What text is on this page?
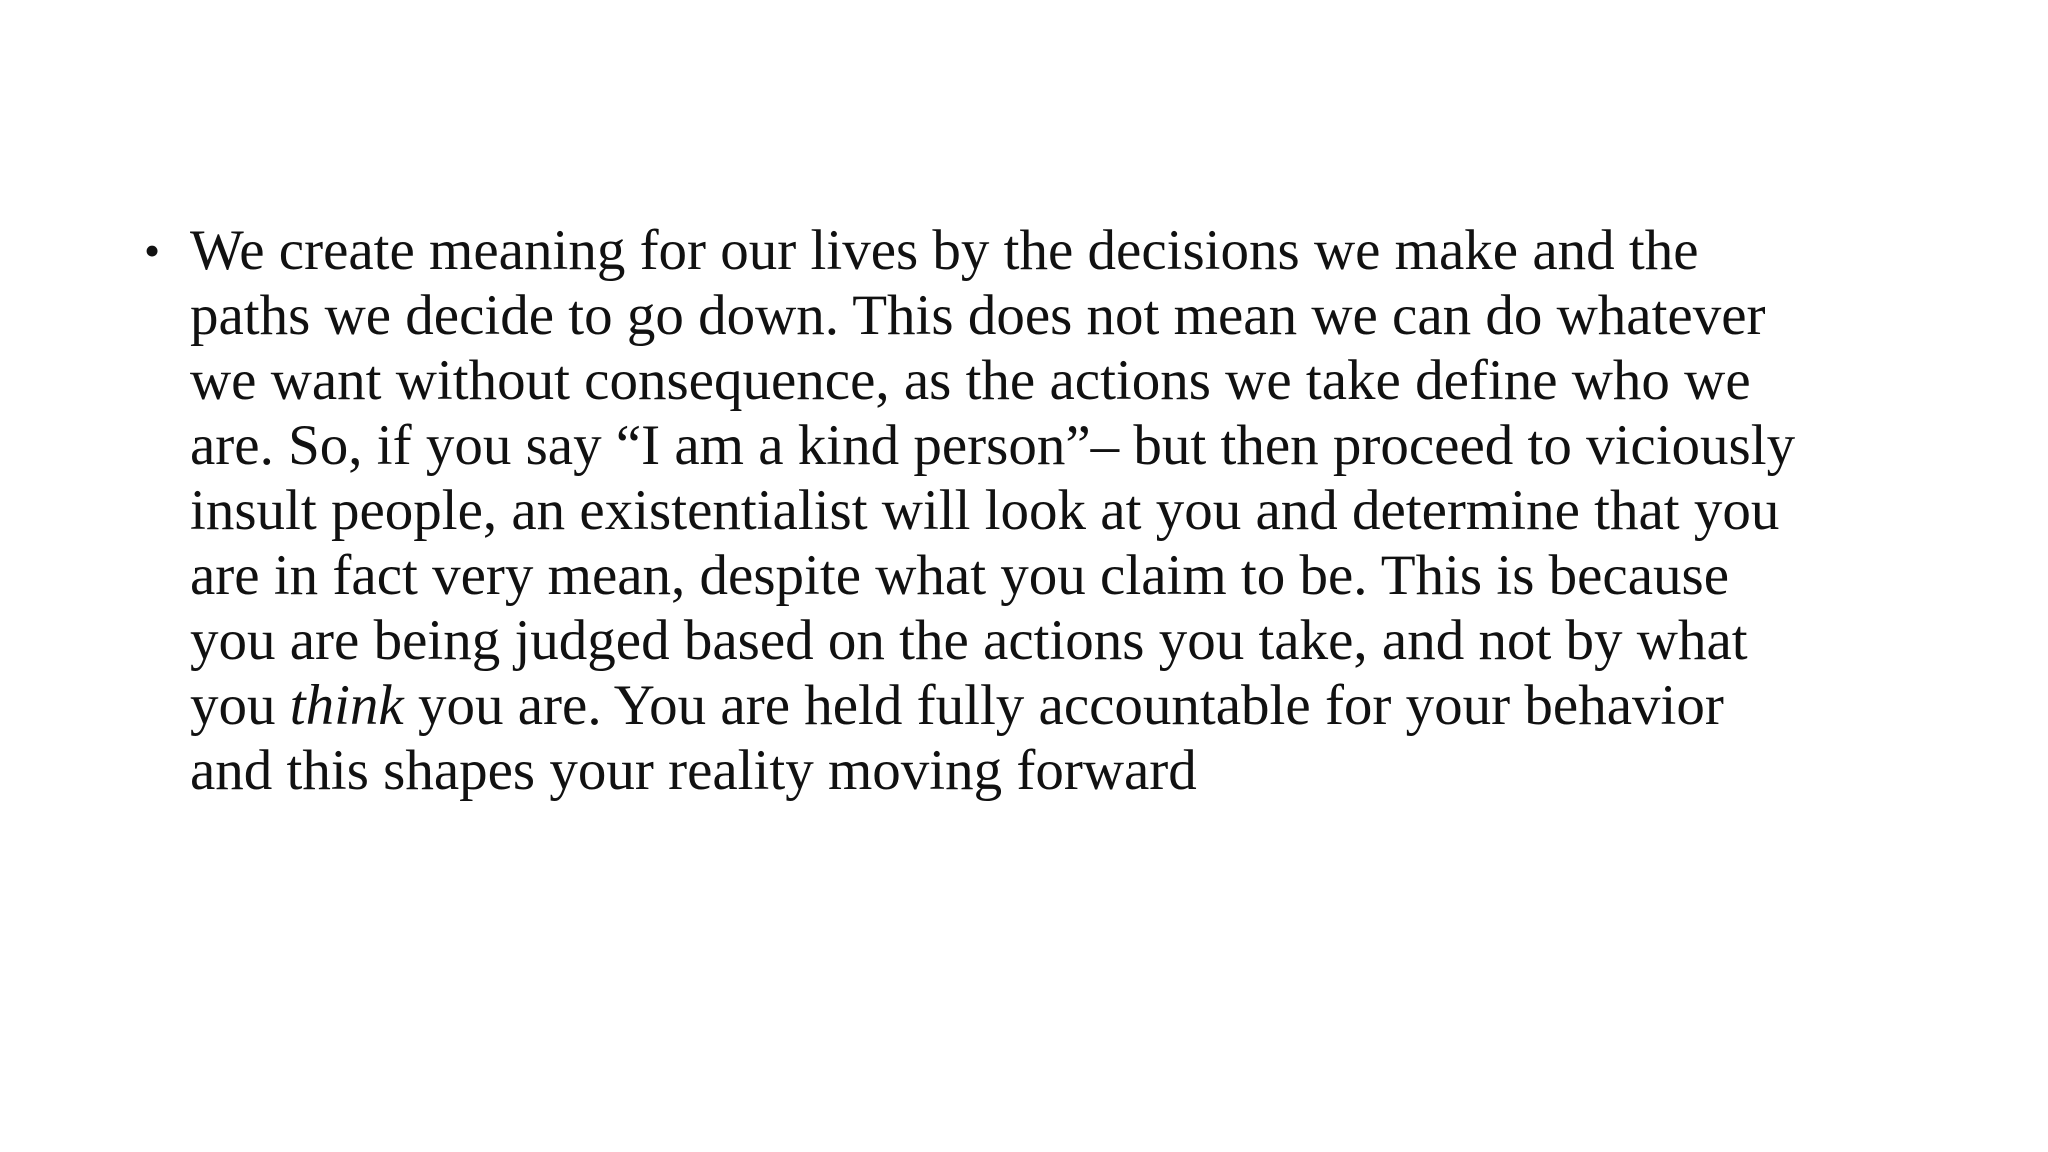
• We create meaning for our lives by the decisions we make and the
paths we decide to go down. This does not mean we can do whatever
we want without consequence, as the actions we take define who we
are. So, if you say “I am a kind person”– but then proceed to viciously
insult people, an existentialist will look at you and determine that you
are in fact very mean, despite what you claim to be. This is because
you are being judged based on the actions you take, and not by what
you think you are. You are held fully accountable for your behavior
and this shapes your reality moving forward
